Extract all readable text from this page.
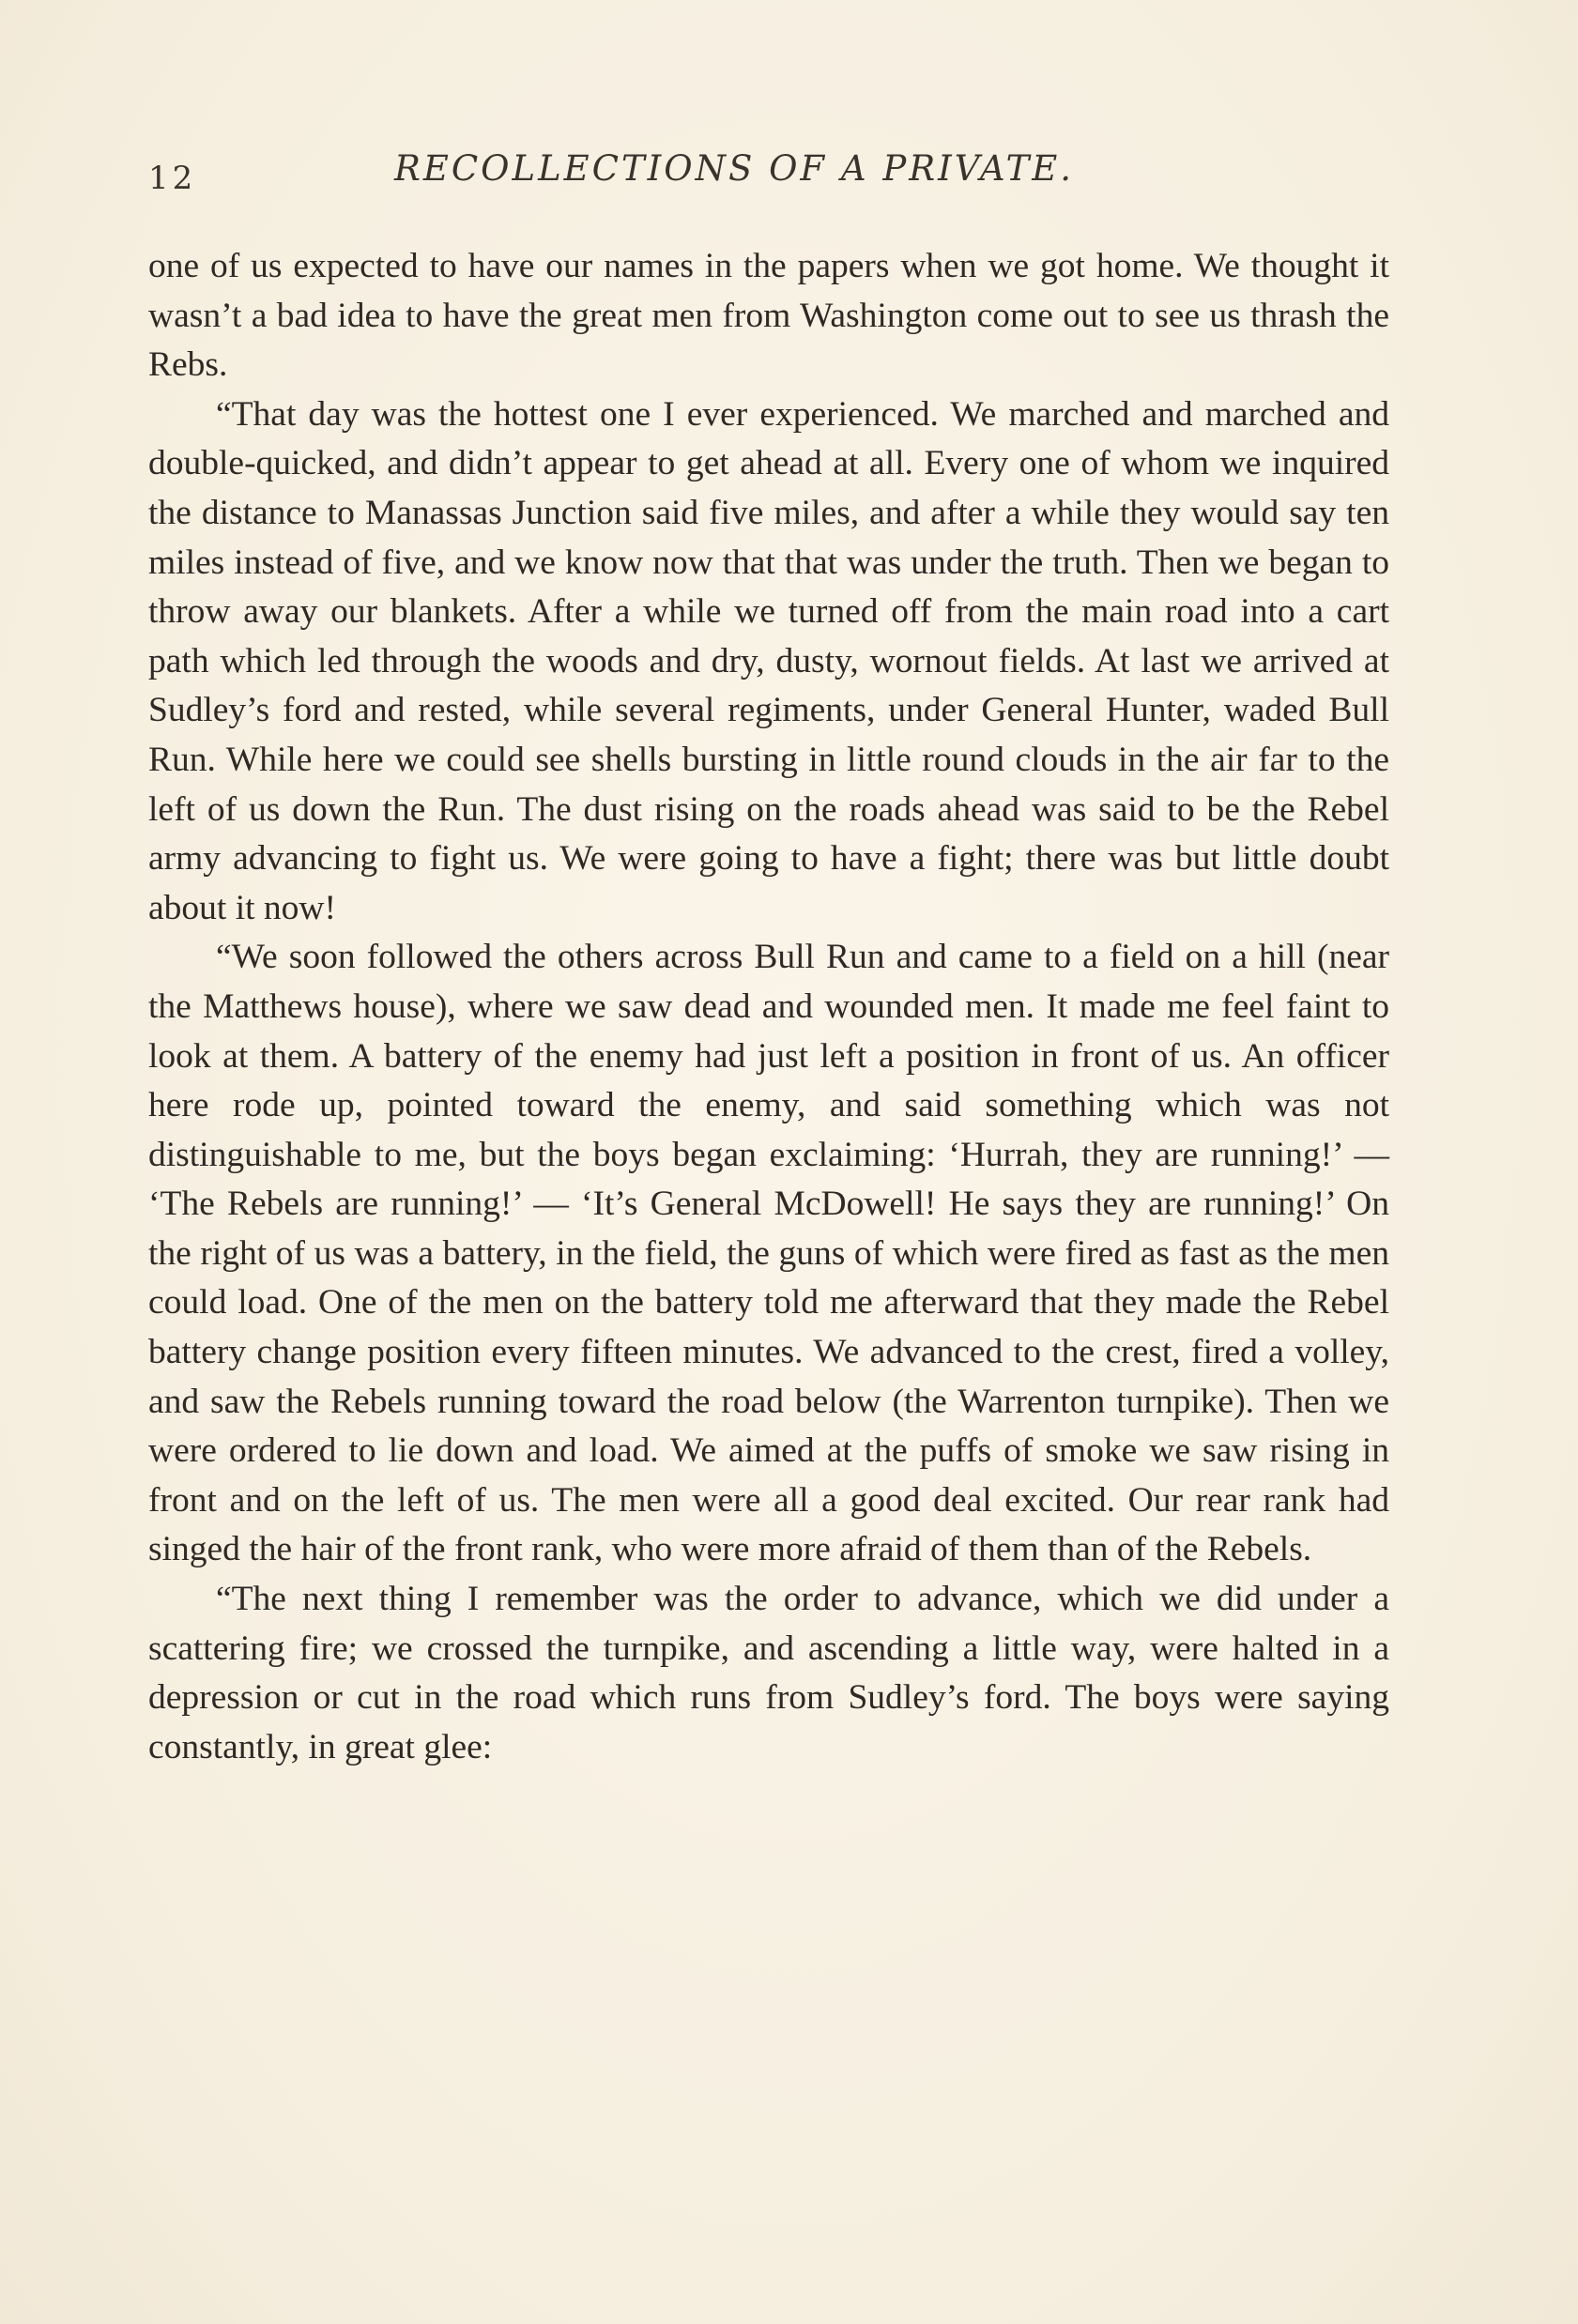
12	RECOLLECTIONS OF A PRIVATE.

one of us expected to have our names in the papers when we got home. We thought it wasn’t a bad idea to have the great men from Washington come out to see us thrash the Rebs.

“That day was the hottest one I ever experienced. We marched and marched and double-quicked, and didn’t appear to get ahead at all. Every one of whom we inquired the distance to Manassas Junction said five miles, and after a while they would say ten miles instead of five, and we know now that that was under the truth. Then we began to throw away our blankets. After a while we turned off from the main road into a cart path which led through the woods and dry, dusty, wornout fields. At last we arrived at Sudley’s ford and rested, while several regiments, under General Hunter, waded Bull Run. While here we could see shells bursting in little round clouds in the air far to the left of us down the Run. The dust rising on the roads ahead was said to be the Rebel army advancing to fight us. We were going to have a fight; there was but little doubt about it now!

“We soon followed the others across Bull Run and came to a field on a hill (near the Matthews house), where we saw dead and wounded men. It made me feel faint to look at them. A battery of the enemy had just left a position in front of us. An officer here rode up, pointed toward the enemy, and said something which was not distinguishable to me, but the boys began exclaiming: ‘Hurrah, they are running!’ — ‘The Rebels are running!’ — ‘It’s General McDowell! He says they are running!’ On the right of us was a battery, in the field, the guns of which were fired as fast as the men could load. One of the men on the battery told me afterward that they made the Rebel battery change position every fifteen minutes. We advanced to the crest, fired a volley, and saw the Rebels running toward the road below (the Warrenton turnpike). Then we were ordered to lie down and load. We aimed at the puffs of smoke we saw rising in front and on the left of us. The men were all a good deal excited. Our rear rank had singed the hair of the front rank, who were more afraid of them than of the Rebels.

“The next thing I remember was the order to advance, which we did under a scattering fire; we crossed the turnpike, and ascending a little way, were halted in a depression or cut in the road which runs from Sudley’s ford. The boys were saying constantly, in great glee:
